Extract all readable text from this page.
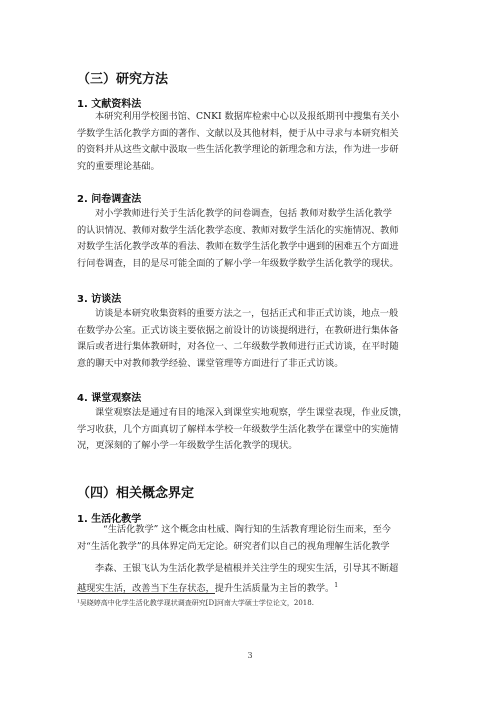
（三）研究方法
1. 文献资料法
本研究利用学校图书馆、CNKI 数据库检索中心以及报纸期刊中搜集有关小
学数学生活化教学方面的著作、文献以及其他材料，便于从中寻求与本研究相关
的资料并从这些文献中汲取一些生活化教学理论的新理念和方法，作为进一步研
究的重要理论基础。
2. 问卷调查法
对小学教师进行关于生活化教学的问卷调查，包括 教师对数学生活化教学
的认识情况、教师对数学生活化教学态度、教师对数学生活化的实施情况、教师
对数学生活化教学改革的看法、教师在数学生活化教学中遇到的困难五个方面进
行问卷调查，目的是尽可能全面的了解小学一年级数学数学生活化教学的现状。
3. 访谈法
访谈是本研究收集资料的重要方法之一，包括正式和非正式访谈，地点一般
在数学办公室。正式访谈主要依据之前设计的访谈提纲进行，在教研进行集体备
课后或者进行集体教研时，对各位一、二年级数学教师进行正式访谈，在平时随
意的聊天中对教师教学经验、课堂管理等方面进行了非正式访谈。
4. 课堂观察法
课堂观察法是通过有目的地深入到课堂实地观察，学生课堂表现，作业反馈，
学习收获，几个方面真切了解样本学校一年级数学生活化教学在课堂中的实施情
况，更深刻的了解小学一年级数学生活化教学的现状。
（四）相关概念界定
1. 生活化教学
“生活化教学” 这个概念由杜威、陶行知的生活教育理论衍生而来，至今
对“生活化教学”的具体界定尚无定论。研究者们以自己的视角理解生活化教学
李森、王银飞认为生活化教学是植根并关注学生的现实生活，引导其不断超
越现实生活，改善当下生存状态，提升生活质量为主旨的教学。$^1$
¹吴晓婷高中化学生活化教学现状调查研究[D]河南大学硕士学位论文，2018.
3
